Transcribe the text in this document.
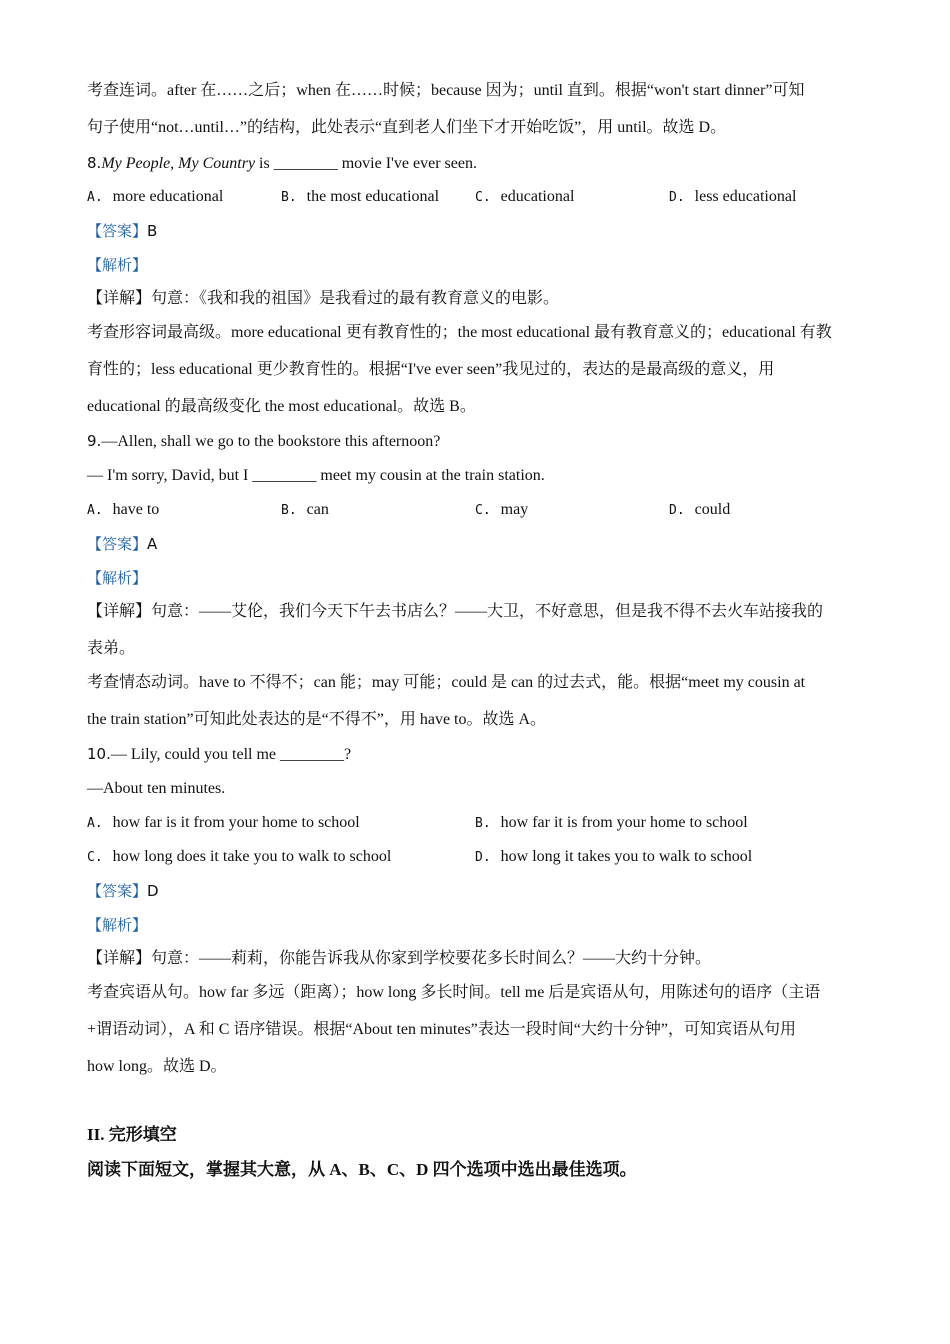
考查连词。after 在……之后；when 在……时候；because 因为；until 直到。根据“won't start dinner”可知
句子使用“not…until…”的结构，此处表示“直到老人们坐下才开始吃饭”，用 until。故选 D。
8.My People, My Country is ________ movie I've ever seen.
A. more educational	B. the most educational	C. educational	D. less educational
【答案】B
【解析】
【详解】句意：《我和我的祖国》是我看过的最有教育意义的电影。
考查形容词最高级。more educational 更有教育性的；the most educational 最有教育意义的；educational 有教
育性的；less educational 更少教育性的。根据“I've ever seen”我见过的，表达的是最高级的意义，用
educational 的最高级变化 the most educational。故选 B。
9.—Allen, shall we go to the bookstore this afternoon?
— I'm sorry, David, but I ________ meet my cousin at the train station.
A. have to	B. can	C. may	D. could
【答案】A
【解析】
【详解】句意：——艾伦，我们今天下午去书店么？——大卫，不好意思，但是我不得不去火车站接我的
表弟。
考查情态动词。have to 不得不；can 能；may 可能；could 是 can 的过去式，能。根据“meet my cousin at
the train station”可知此处表达的是“不得不”，用 have to。故选 A。
10.— Lily, could you tell me ________?
—About ten minutes.
A. how far is it from your home to school	B. how far it is from your home to school
C. how long does it take you to walk to school	D. how long it takes you to walk to school
【答案】D
【解析】
【详解】句意：——莉莉，你能告诉我从你家到学校要花多长时间么？——大约十分钟。
考查宾语从句。how far 多远（距离）；how long 多长时间。tell me 后是宾语从句，用陈述句的语序（主语
+谓语动词），A 和 C 语序错误。根据“About ten minutes”表达一段时间“大约十分钟”，可知宾语从句用
how long。故选 D。
II. 完形填空
阅读下面短文，掌握其大意，从 A、B、C、D 四个选项中选出最佳选项。
